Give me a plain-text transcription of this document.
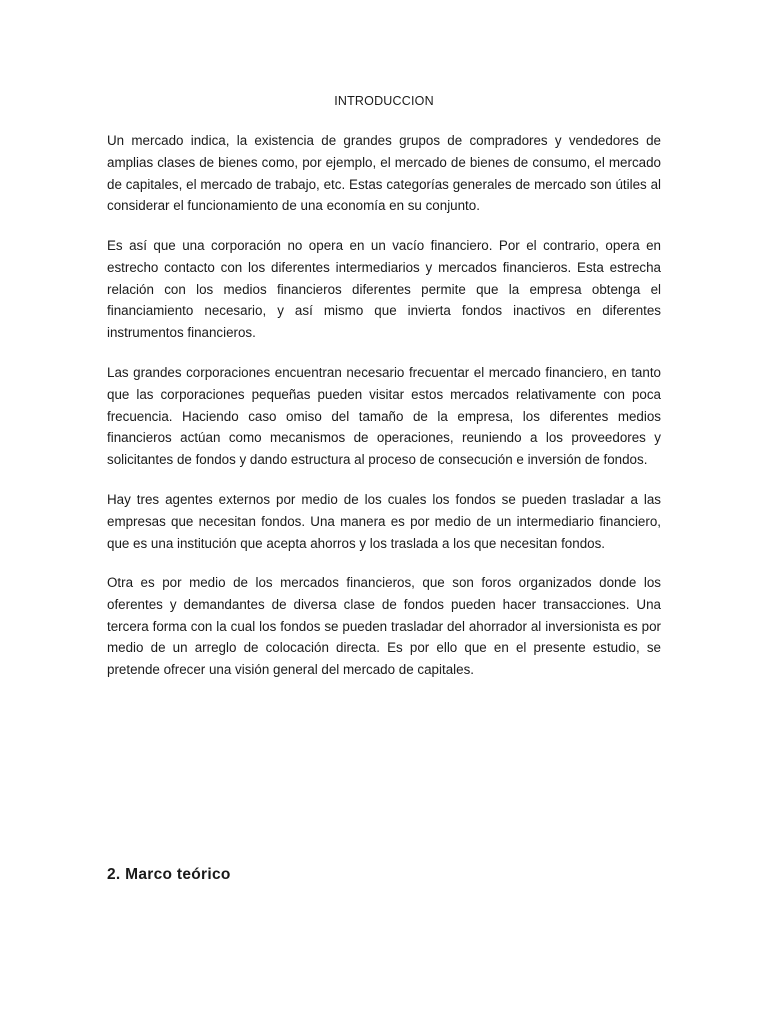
INTRODUCCION

Un mercado indica, la existencia de grandes grupos de compradores y vendedores de amplias clases de bienes como, por ejemplo, el mercado de bienes de consumo, el mercado de capitales, el mercado de trabajo, etc. Estas categorías generales de mercado son útiles al considerar el funcionamiento de una economía en su conjunto.

Es así que una corporación no opera en un vacío financiero. Por el contrario, opera en estrecho contacto con los diferentes intermediarios y mercados financieros. Esta estrecha relación con los medios financieros diferentes permite que la empresa obtenga el financiamiento necesario, y así mismo que invierta fondos inactivos en diferentes instrumentos financieros.

Las grandes corporaciones encuentran necesario frecuentar el mercado financiero, en tanto que las corporaciones pequeñas pueden visitar estos mercados relativamente con poca frecuencia. Haciendo caso omiso del tamaño de la empresa, los diferentes medios financieros actúan como mecanismos de operaciones, reuniendo a los proveedores y solicitantes de fondos y dando estructura al proceso de consecución e inversión de fondos.

Hay tres agentes externos por medio de los cuales los fondos se pueden trasladar a las empresas que necesitan fondos. Una manera es por medio de un intermediario financiero, que es una institución que acepta ahorros y los traslada a los que necesitan fondos.

Otra es por medio de los mercados financieros, que son foros organizados donde los oferentes y demandantes de diversa clase de fondos pueden hacer transacciones. Una tercera forma con la cual los fondos se pueden trasladar del ahorrador al inversionista es por medio de un arreglo de colocación directa. Es por ello que en el presente estudio, se pretende ofrecer una visión general del mercado de capitales.

2. Marco teórico
